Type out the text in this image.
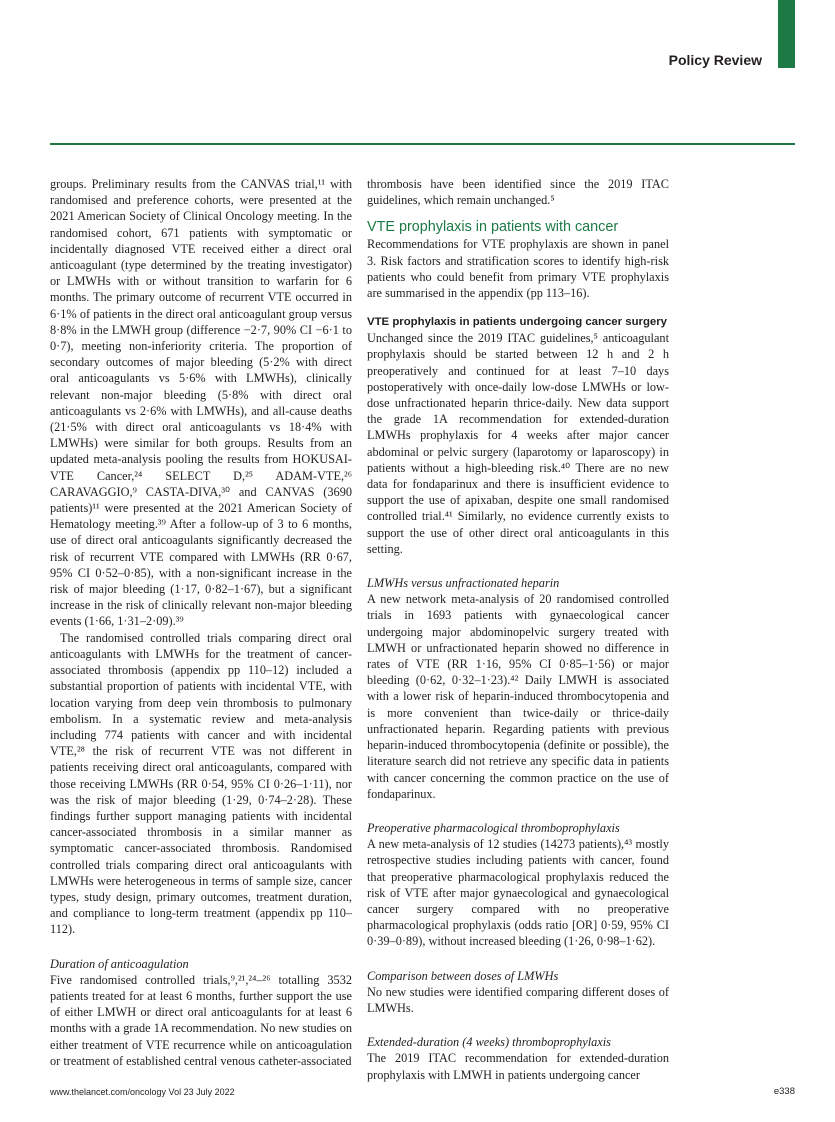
Policy Review

groups. Preliminary results from the CANVAS trial,¹¹ with randomised and preference cohorts, were presented at the 2021 American Society of Clinical Oncology meeting. In the randomised cohort, 671 patients with symptomatic or incidentally diagnosed VTE received either a direct oral anticoagulant (type determined by the treating investigator) or LMWHs with or without transition to warfarin for 6 months. The primary outcome of recurrent VTE occurred in 6·1% of patients in the direct oral anticoagulant group versus 8·8% in the LMWH group (difference −2·7, 90% CI −6·1 to 0·7), meeting non-inferiority criteria. The proportion of secondary outcomes of major bleeding (5·2% with direct oral anticoagulants vs 5·6% with LMWHs), clinically relevant non-major bleeding (5·8% with direct oral anticoagulants vs 2·6% with LMWHs), and all-cause deaths (21·5% with direct oral anticoagulants vs 18·4% with LMWHs) were similar for both groups. Results from an updated meta-analysis pooling the results from HOKUSAI-VTE Cancer,²⁴ SELECT D,²⁵ ADAM-VTE,²⁶ CARAVAGGIO,⁹ CASTA-DIVA,³⁰ and CANVAS (3690 patients)¹¹ were presented at the 2021 American Society of Hematology meeting.³⁹ After a follow-up of 3 to 6 months, use of direct oral anticoagulants significantly decreased the risk of recurrent VTE compared with LMWHs (RR 0·67, 95% CI 0·52–0·85), with a non-significant increase in the risk of major bleeding (1·17, 0·82–1·67), but a significant increase in the risk of clinically relevant non-major bleeding events (1·66, 1·31–2·09).³⁹

The randomised controlled trials comparing direct oral anticoagulants with LMWHs for the treatment of cancer-associated thrombosis (appendix pp 110–12) included a substantial proportion of patients with incidental VTE, with location varying from deep vein thrombosis to pulmonary embolism. In a systematic review and meta-analysis including 774 patients with cancer and with incidental VTE,²⁸ the risk of recurrent VTE was not different in patients receiving direct oral anticoagulants, compared with those receiving LMWHs (RR 0·54, 95% CI 0·26–1·11), nor was the risk of major bleeding (1·29, 0·74–2·28). These findings further support managing patients with incidental cancer-associated thrombosis in a similar manner as symptomatic cancer-associated thrombosis. Randomised controlled trials comparing direct oral anticoagulants with LMWHs were heterogeneous in terms of sample size, cancer types, study design, primary outcomes, treatment duration, and compliance to long-term treatment (appendix pp 110–112).

Duration of anticoagulation

Five randomised controlled trials,⁹,²¹,²⁴–²⁶ totalling 3532 patients treated for at least 6 months, further support the use of either LMWH or direct oral anticoagulants for at least 6 months with a grade 1A recommendation. No new studies on either treatment of VTE recurrence while on anticoagulation or treatment of established central venous catheter-associated

thrombosis have been identified since the 2019 ITAC guidelines, which remain unchanged.⁵

VTE prophylaxis in patients with cancer

Recommendations for VTE prophylaxis are shown in panel 3. Risk factors and stratification scores to identify high-risk patients who could benefit from primary VTE prophylaxis are summarised in the appendix (pp 113–16).

VTE prophylaxis in patients undergoing cancer surgery

Unchanged since the 2019 ITAC guidelines,⁵ anticoagulant prophylaxis should be started between 12 h and 2 h preoperatively and continued for at least 7–10 days postoperatively with once-daily low-dose LMWHs or low-dose unfractionated heparin thrice-daily. New data support the grade 1A recommendation for extended-duration LMWHs prophylaxis for 4 weeks after major cancer abdominal or pelvic surgery (laparotomy or laparoscopy) in patients without a high-bleeding risk.⁴⁰ There are no new data for fondaparinux and there is insufficient evidence to support the use of apixaban, despite one small randomised controlled trial.⁴¹ Similarly, no evidence currently exists to support the use of other direct oral anticoagulants in this setting.

LMWHs versus unfractionated heparin

A new network meta-analysis of 20 randomised controlled trials in 1693 patients with gynaecological cancer undergoing major abdominopelvic surgery treated with LMWH or unfractionated heparin showed no difference in rates of VTE (RR 1·16, 95% CI 0·85–1·56) or major bleeding (0·62, 0·32–1·23).⁴² Daily LMWH is associated with a lower risk of heparin-induced thrombocytopenia and is more convenient than twice-daily or thrice-daily unfractionated heparin. Regarding patients with previous heparin-induced thrombocytopenia (definite or possible), the literature search did not retrieve any specific data in patients with cancer concerning the common practice on the use of fondaparinux.

Preoperative pharmacological thromboprophylaxis

A new meta-analysis of 12 studies (14273 patients),⁴³ mostly retrospective studies including patients with cancer, found that preoperative pharmacological prophylaxis reduced the risk of VTE after major gynaecological and gynaecological cancer surgery compared with no preoperative pharmacological prophylaxis (odds ratio [OR] 0·59, 95% CI 0·39–0·89), without increased bleeding (1·26, 0·98–1·62).

Comparison between doses of LMWHs

No new studies were identified comparing different doses of LMWHs.

Extended-duration (4 weeks) thromboprophylaxis

The 2019 ITAC recommendation for extended-duration prophylaxis with LMWH in patients undergoing cancer

www.thelancet.com/oncology Vol 23 July 2022	e338
